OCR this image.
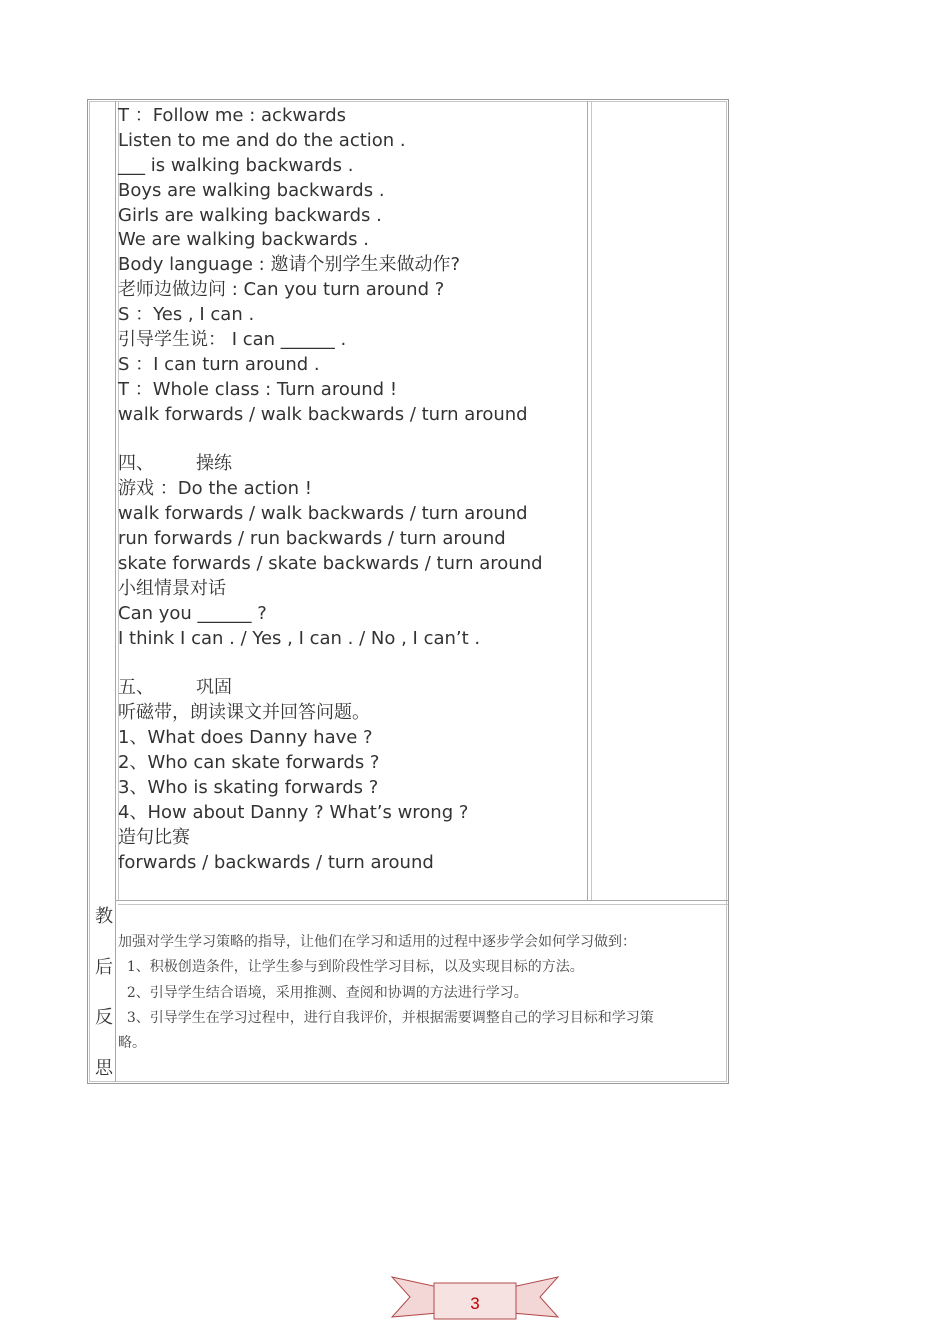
T ：Follow me : ackwards
Listen to me and do the action .
___ is walking backwards .
Boys are walking backwards .
Girls are walking backwards .
We are walking backwards .
Body language : 邀请个别学生来做动作?
老师边做边问 : Can you turn around ?
S ：Yes , I can .
引导学生说： I can ______ .
S ：I can turn around .
T ：Whole class : Turn around !
walk forwards / walk backwards / turn around
四、 操练
游戏 ：Do the action !
walk forwards / walk backwards / turn around
run forwards / run backwards / turn around
skate forwards / skate backwards / turn around
小组情景对话
Can you ______ ?
I think I can . / Yes , I can . / No , I can’t .
五、 巩固
听磁带，朗读课文并回答问题。
1、What does Danny have ?
2、Who can skate forwards ?
3、Who is skating forwards ?
4、How about Danny ? What’s wrong ?
造句比赛
forwards / backwards / turn around
教
后
反
思
加强对学生学习策略的指导，让他们在学习和适用的过程中逐步学会如何学习做到：
1、积极创造条件，让学生参与到阶段性学习目标，以及实现目标的方法。
2、引导学生结合语境，采用推测、查阅和协调的方法进行学习。
3、引导学生在学习过程中，进行自我评价，并根据需要调整自己的学习目标和学习策
略。
3
